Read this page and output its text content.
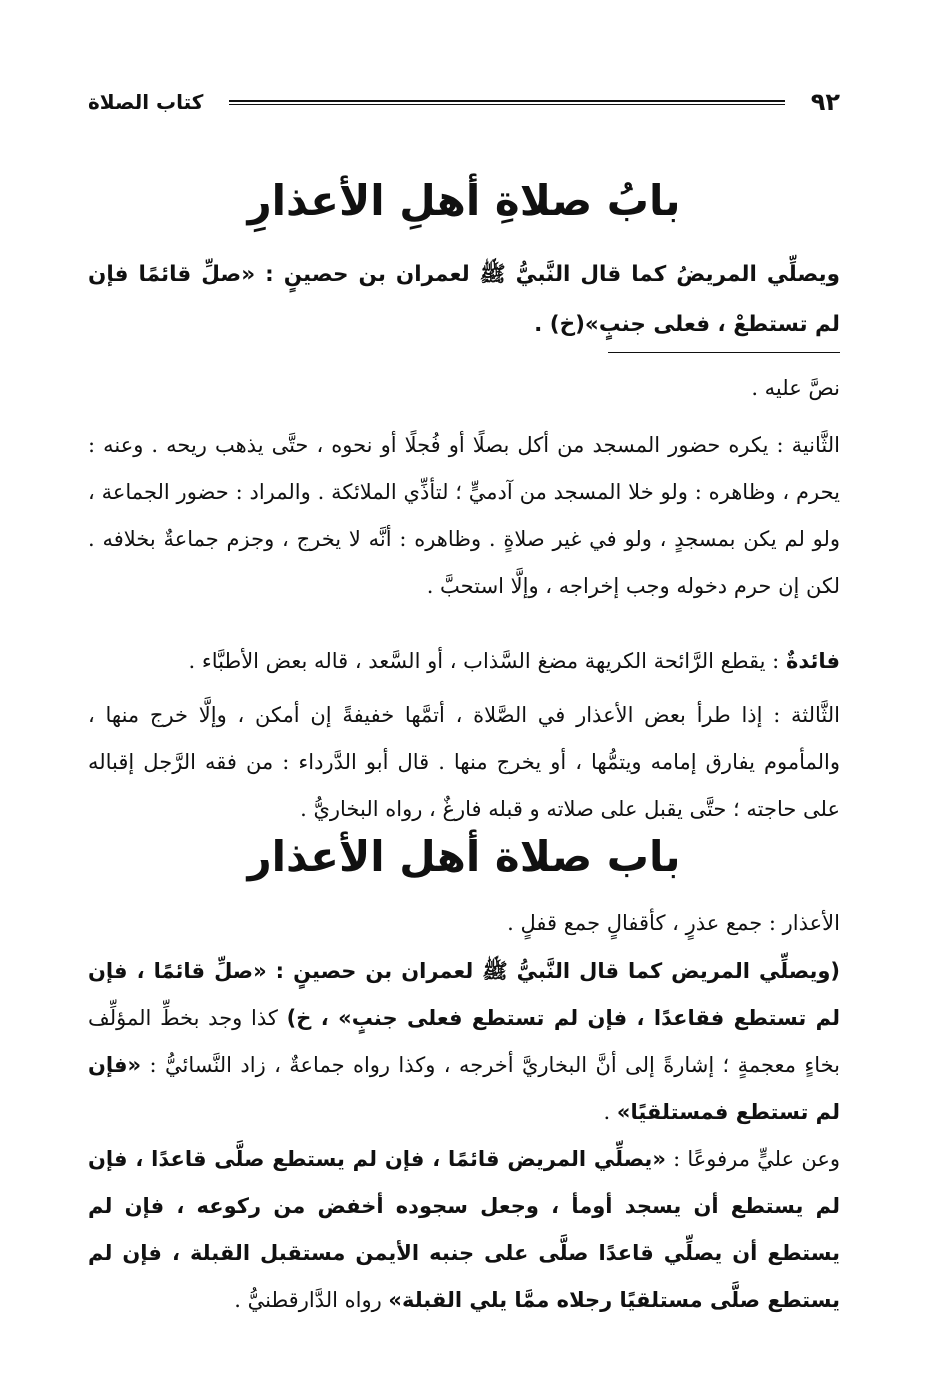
٩٢
كتاب الصلاة
بابُ صلاةِ أهلِ الأعذارِ
ويصلِّي المريضُ كما قال النَّبيُّ ﷺ لعمران بن حصينٍ : «صلِّ قائمًا فإن لم تستطعْ ، فعلى جنبٍ»(خ) .
نصَّ عليه .
الثَّانية : يكره حضور المسجد من أكل بصلًا أو فُجلًا أو نحوه ، حتَّى يذهب ريحه . وعنه : يحرم ، وظاهره : ولو خلا المسجد من آدميٍّ ؛ لتأذِّي الملائكة . والمراد : حضور الجماعة ، ولو لم يكن بمسجدٍ ، ولو في غير صلاةٍ . وظاهره : أنَّه لا يخرج ، وجزم جماعةٌ بخلافه . لكن إن حرم دخوله وجب إخراجه ، وإلَّا استحبَّ .
فائدةٌ : يقطع الرَّائحة الكريهة مضغ السَّذاب ، أو السَّعد ، قاله بعض الأطبَّاء .
الثَّالثة : إذا طرأ بعض الأعذار في الصَّلاة ، أتمَّها خفيفةً إن أمكن ، وإلَّا خرج منها ، والمأموم يفارق إمامه ويتمُّها ، أو يخرج منها . قال أبو الدَّرداء : من فقه الرَّجل إقباله على حاجته ؛ حتَّى يقبل على صلاته و قبله فارغٌ ، رواه البخاريُّ .
باب صلاة أهل الأعذار
الأعذار : جمع عذرٍ ، كأقفالٍ جمع قفلٍ .
(ويصلِّي المريض كما قال النَّبيُّ ﷺ لعمران بن حصينٍ : «صلِّ قائمًا ، فإن لم تستطع فقاعدًا ، فإن لم تستطع فعلى جنبٍ» ، خ) كذا وجد بخطِّ المؤلِّف بخاءٍ معجمةٍ ؛ إشارةً إلى أنَّ البخاريَّ أخرجه ، وكذا رواه جماعةٌ ، زاد النَّسائيُّ : «فإن لم تستطع فمستلقيًا» .
وعن عليٍّ مرفوعًا : «يصلِّي المريض قائمًا ، فإن لم يستطع صلَّى قاعدًا ، فإن لم يستطع أن يسجد أومأ ، وجعل سجوده أخفض من ركوعه ، فإن لم يستطع أن يصلِّي قاعدًا صلَّى على جنبه الأيمن مستقبل القبلة ، فإن لم يستطع صلَّى مستلقيًا رجلاه ممَّا يلي القبلة» رواه الدَّارقطنيُّ .
